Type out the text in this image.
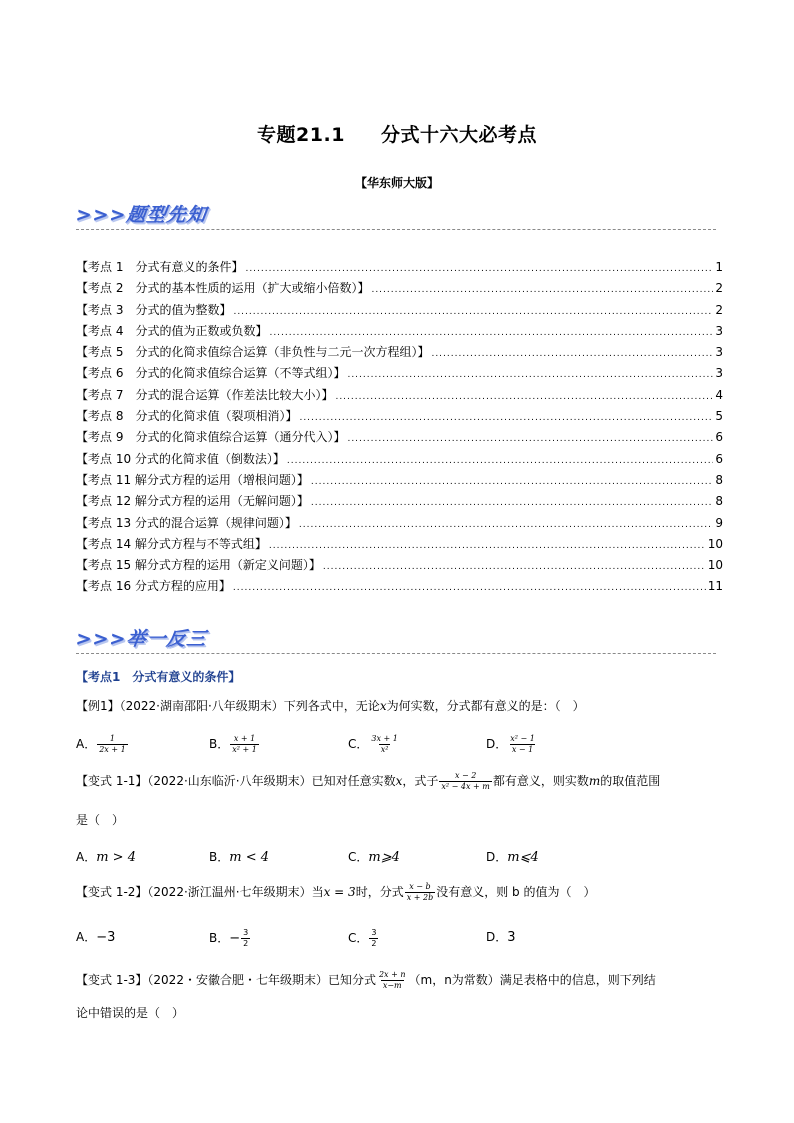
专题21.1 分式十六大必考点
【华东师大版】
>>>题型先知
【考点 1　分式有意义的条件】 .....	1
【考点 2　分式的基本性质的运用（扩大或缩小倍数）】 .....	2
【考点 3　分式的值为整数】 .....	2
【考点 4　分式的值为正数或负数】 .....	3
【考点 5　分式的化简求值综合运算（非负性与二元一次方程组）】 .....	3
【考点 6　分式的化简求值综合运算（不等式组）】 .....	3
【考点 7　分式的混合运算（作差法比较大小）】 .....	4
【考点 8　分式的化简求值（裂项相消）】 .....	5
【考点 9　分式的化简求值综合运算（通分代入）】 .....	6
【考点 10 分式的化简求值（倒数法）】 .....	6
【考点 11 解分式方程的运用（增根问题）】 .....	8
【考点 12 解分式方程的运用（无解问题）】 .....	8
【考点 13 分式的混合运算（规律问题）】 .....	9
【考点 14 解分式方程与不等式组】 .....	10
【考点 15 解分式方程的运用（新定义问题）】 .....	10
【考点 16 分式方程的应用】 .....	11
>>>举一反三
【考点1　分式有意义的条件】
【例1】（2022·湖南邵阳·八年级期末）下列各式中，无论x为何实数，分式都有意义的是：（　）
A． $\frac{1}{2x + 1}$	B． $\frac{x + 1}{\text{x² + 1}}$	C． $\frac{3x + 1}{\text{x²}}$	D． $\frac{\text{x² − 1}}{x - 1}$
【变式 1-1】（2022·山东临沂·八年级期末）已知对任意实数x，式子 $\frac{x - 2}{\text{x² − 4x + m}}$ 都有意义，则实数m的取值范围
是（　）
A．m > 4	B．m < 4	C．m⩾4	D．m⩽4
【变式 1-2】（2022·浙江温州·七年级期末）当x = 3时，分式 $\frac{x - b}{x + 2b}$ 没有意义，则 b 的值为（　）
A．−3	B．− $\frac{3}{2}$	C． $\frac{3}{2}$	D．3
【变式 1-3】（2022・安徽合肥・七年级期末）已知分式 $\frac{2x + n}{x-m} (m$，n为常数）满足表格中的信息，则下列结
论中错误的是（　）
